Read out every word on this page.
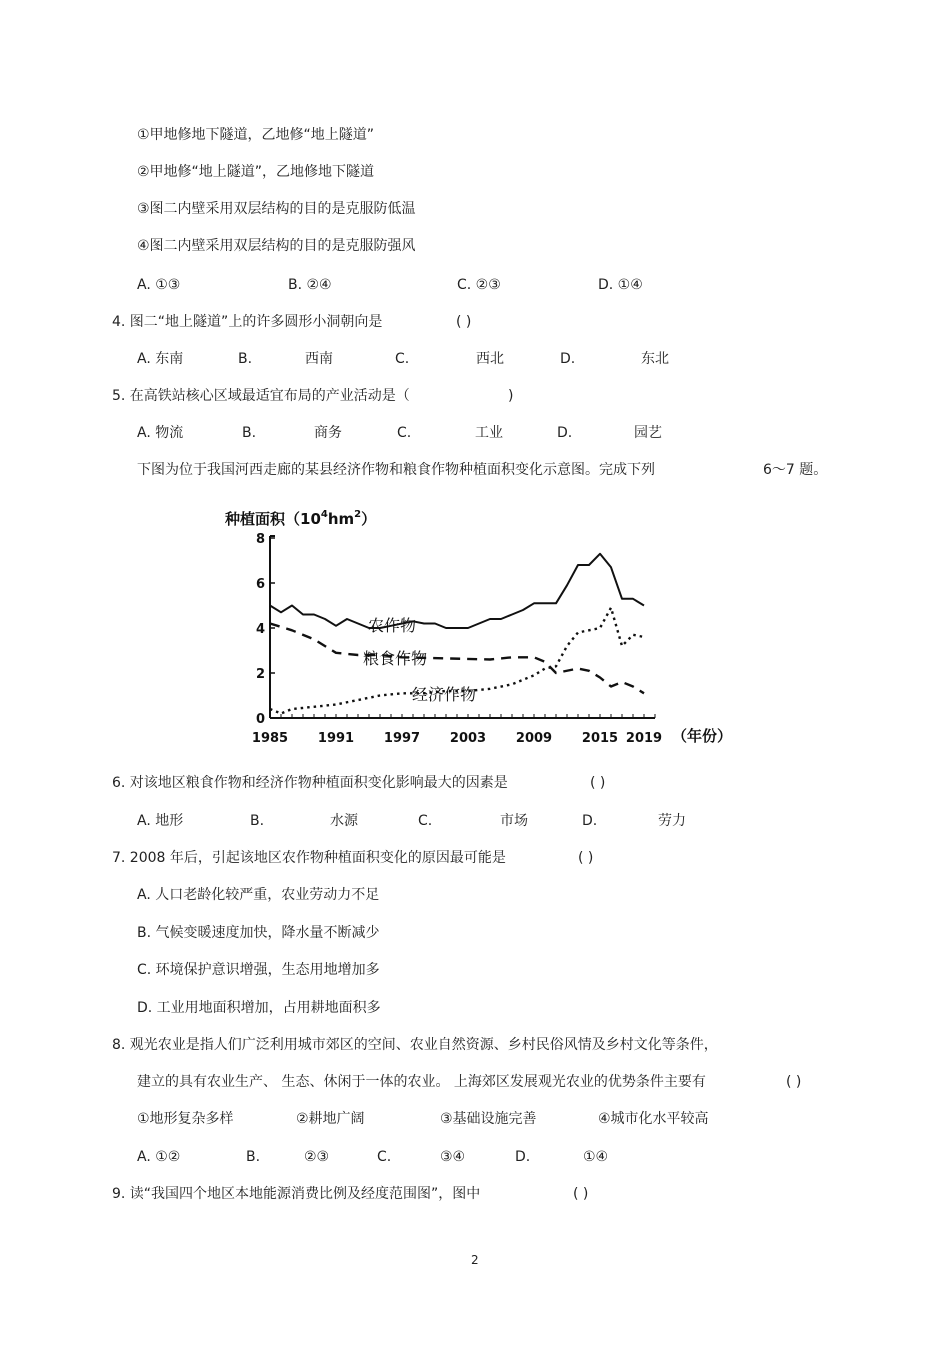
①甲地修地下隧道，乙地修“地上隧道”
②甲地修“地上隧道”，乙地修地下隧道
③图二内壁采用双层结构的目的是克服防低温
④图二内壁采用双层结构的目的是克服防强风
A. ①③	B. ②④	C. ②③	D. ①④
4. 图二“地上隧道”上的许多圆形小洞朝向是	( )
A. 东南	B.	西南	C.	西北	D.	东北
5. 在高铁站核心区域最适宜布局的产业活动是（	)
A. 物流	B.	商务	C.	工业	D.	园艺
下图为位于我国河西走廊的某县经济作物和粮食作物种植面积变化示意图。完成下列	6～7 题。
种植面积$(10^4hm^2)$
（年份）
0
2
4
6
8
1985 1991 1997 2003 2009 2015 2019
农作物
粮食作物
经济作物
6. 对该地区粮食作物和经济作物种植面积变化影响最大的因素是	( )
A. 地形	B.	水源	C.	市场	D.	劳力
7. 2008 年后，引起该地区农作物种植面积变化的原因最可能是	( )
A. 人口老龄化较严重，农业劳动力不足
B. 气候变暖速度加快，降水量不断减少
C. 环境保护意识增强，生态用地增加多
D. 工业用地面积增加，占用耕地面积多
8. 观光农业是指人们广泛利用城市郊区的空间、农业自然资源、乡村民俗风情及乡村文化等条件，
建立的具有农业生产、 生态、休闲于一体的农业。 上海郊区发展观光农业的优势条件主要有	( )
①地形复杂多样	②耕地广阔	③基础设施完善	④城市化水平较高
A. ①②	B.	②③	C.	③④	D.	①④
9. 读“我国四个地区本地能源消费比例及经度范围图”，图中	( )
2
